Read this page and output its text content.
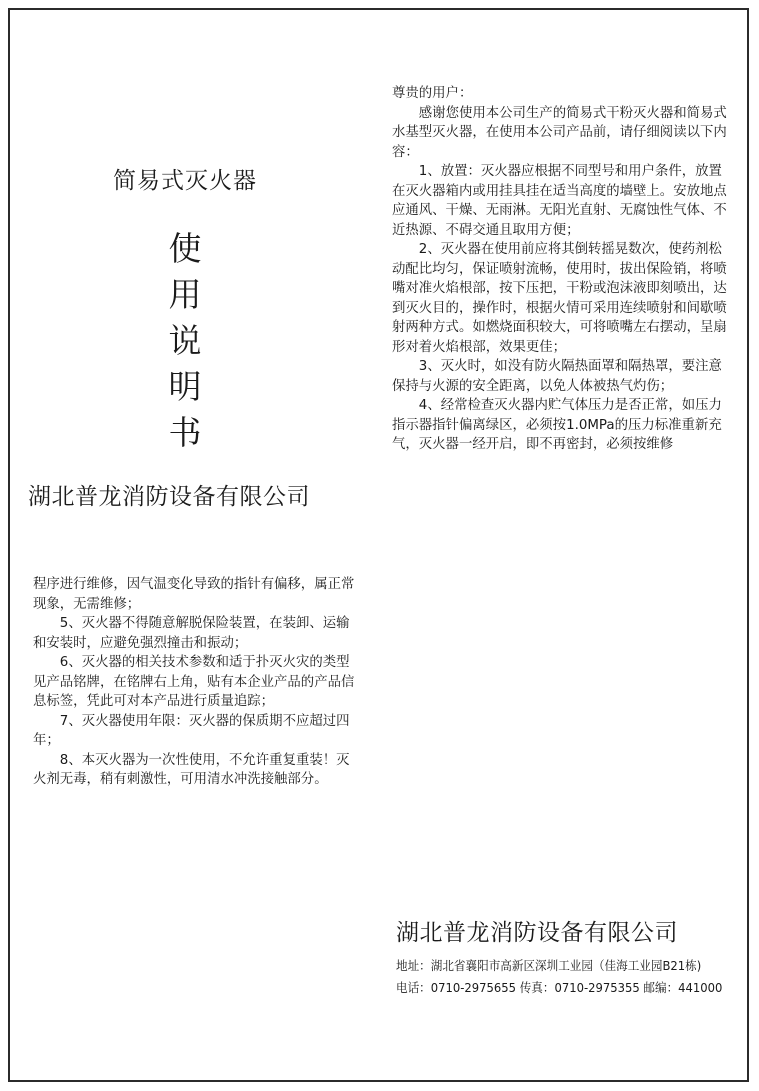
简易式灭火器
使
用
说
明
书
湖北普龙消防设备有限公司

尊贵的用户：

感谢您使用本公司生产的简易式干粉灭火器和简易式水基型灭火器，在使用本公司产品前，请仔细阅读以下内容：

1、放置：灭火器应根据不同型号和用户条件，放置在灭火器箱内或用挂具挂在适当高度的墙壁上。安放地点应通风、干燥、无雨淋。无阳光直射、无腐蚀性气体、不近热源、不碍交通且取用方便；

2、灭火器在使用前应将其倒转摇晃数次，使药剂松动配比均匀，保证喷射流畅，使用时，拔出保险销，将喷嘴对准火焰根部，按下压把，干粉或泡沫液即刻喷出，达到灭火目的，操作时，根据火情可采用连续喷射和间歇喷射两种方式。如燃烧面积较大，可将喷嘴左右摆动，呈扇形对着火焰根部，效果更佳；

3、灭火时，如没有防火隔热面罩和隔热罩，要注意保持与火源的安全距离，以免人体被热气灼伤；

4、经常检查灭火器内贮气体压力是否正常，如压力指示器指针偏离绿区，必须按1.0MPa的压力标准重新充气，灭火器一经开启，即不再密封，必须按维修

程序进行维修，因气温变化导致的指针有偏移，属正常现象，无需维修；

5、灭火器不得随意解脱保险装置，在装卸、运输和安装时，应避免强烈撞击和振动；

6、灭火器的相关技术参数和适于扑灭火灾的类型见产品铭牌，在铭牌右上角，贴有本企业产品的产品信息标签，凭此可对本产品进行质量追踪；

7、灭火器使用年限：灭火器的保质期不应超过四年；

8、本灭火器为一次性使用，不允许重复重装！灭火剂无毒，稍有刺激性，可用清水冲洗接触部分。

湖北普龙消防设备有限公司
地址：湖北省襄阳市高新区深圳工业园（佳海工业园B21栋)
电话：0710-2975655 传真：0710-2975355 邮编：441000
